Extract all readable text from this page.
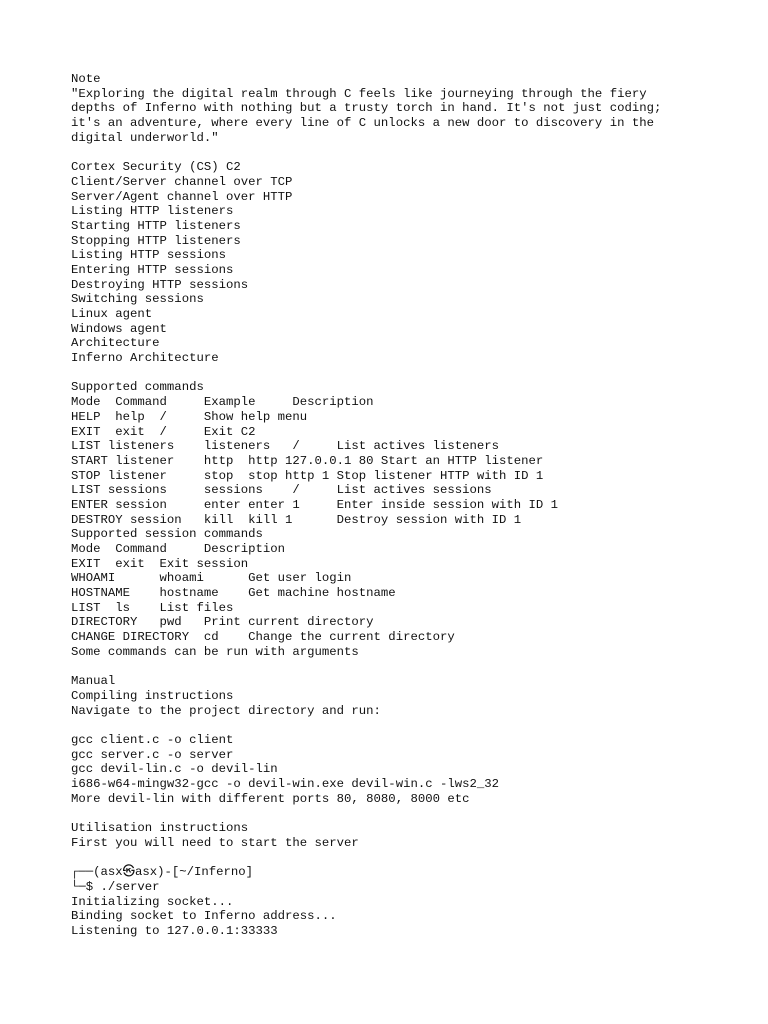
Note
"Exploring the digital realm through C feels like journeying through the fiery
depths of Inferno with nothing but a trusty torch in hand. It's not just coding;
it's an adventure, where every line of C unlocks a new door to discovery in the
digital underworld."
Cortex Security (CS) C2
Client/Server channel over TCP
Server/Agent channel over HTTP
Listing HTTP listeners
Starting HTTP listeners
Stopping HTTP listeners
Listing HTTP sessions
Entering HTTP sessions
Destroying HTTP sessions
Switching sessions
Linux agent
Windows agent
Architecture
Inferno Architecture
Supported commands
Mode  Command     Example     Description
HELP  help  /     Show help menu
EXIT  exit  /     Exit C2
LIST listeners    listeners   /     List actives listeners
START listener    http  http 127.0.0.1 80 Start an HTTP listener
STOP listener     stop  stop http 1 Stop listener HTTP with ID 1
LIST sessions     sessions    /     List actives sessions
ENTER session     enter enter 1     Enter inside session with ID 1
DESTROY session   kill  kill 1      Destroy session with ID 1
Supported session commands
Mode  Command     Description
EXIT  exit  Exit session
WHOAMI      whoami      Get user login
HOSTNAME    hostname    Get machine hostname
LIST  ls    List files
DIRECTORY   pwd   Print current directory
CHANGE DIRECTORY  cd    Change the current directory
Some commands can be run with arguments
Manual
Compiling instructions
Navigate to the project directory and run:
gcc client.c -o client
gcc server.c -o server
gcc devil-lin.c -o devil-lin
i686-w64-mingw32-gcc -o devil-win.exe devil-win.c -lws2_32
More devil-lin with different ports 80, 8080, 8000 etc
Utilisation instructions
First you will need to start the server
┌──(asx㉿asx)-[~/Inferno]
└─$ ./server
Initializing socket...
Binding socket to Inferno address...
Listening to 127.0.0.1:33333
